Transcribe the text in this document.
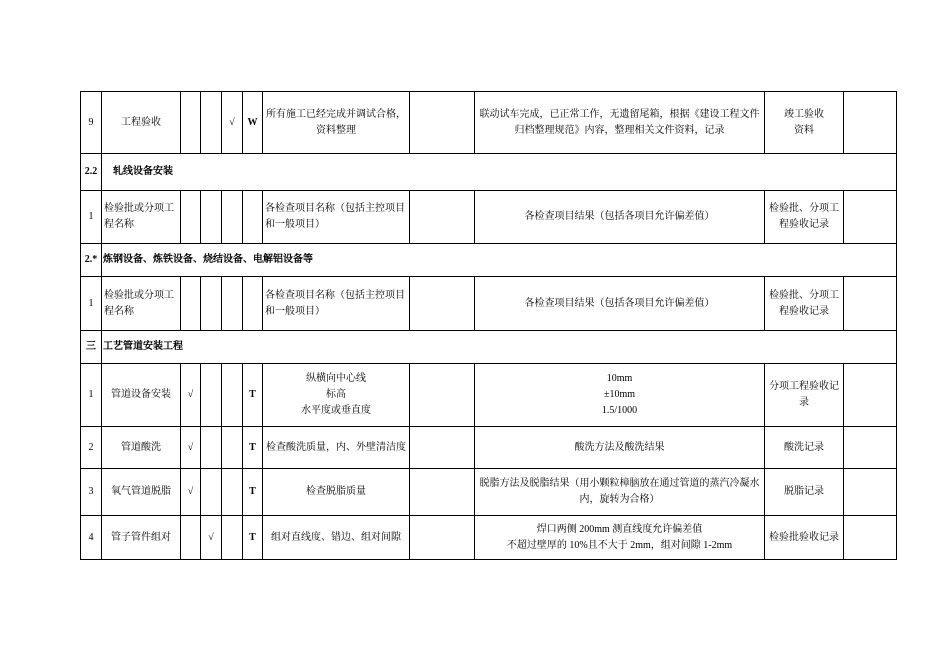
9	工程验收			√	W	所有施工已经完成并调试合格，
资料整理		联动试车完成，已正常工作，无遗留尾箱，根据《建设工程文件
归档整理规范》内容，整理相关文件资料，记录	竣工验收
资料	

2.2	轧线设备安装									
1	检验批或分项工
程名称					各检查项目名称（包括主控项目
和一般项目）		各检查项目结果（包括各项目允许偏差值）	检验批、分项工
程验收记录	

2.*	炼钢设备、炼铁设备、烧结设备、电解铝设备等									
1	检验批或分项工
程名称					各检查项目名称（包括主控项目
和一般项目）		各检查项目结果（包括各项目允许偏差值）	检验批、分项工
程验收记录	

三	工艺管道安装工程									
1	管道设备安装	√			T	纵横向中心线
标高
水平度或垂直度		10mm
±10mm
1.5/1000	分项工程验收记
录	

2	管道酸洗	√			T	检查酸洗质量，内、外壁清洁度		酸洗方法及酸洗结果	酸洗记录	

3	氧气管道脱脂	√			T	检查脱脂质量		脱脂方法及脱脂结果（用小颗粒樟脑放在通过管道的蒸汽冷凝水
内，旋转为合格）	脱脂记录	

4	管子管件组对		√		T	组对直线度、错边、组对间隙		焊口两侧 200mm 测直线度允许偏差值
不超过壁厚的 10%且不大于 2mm，组对间隙 1-2mm	检验批验收记录	
